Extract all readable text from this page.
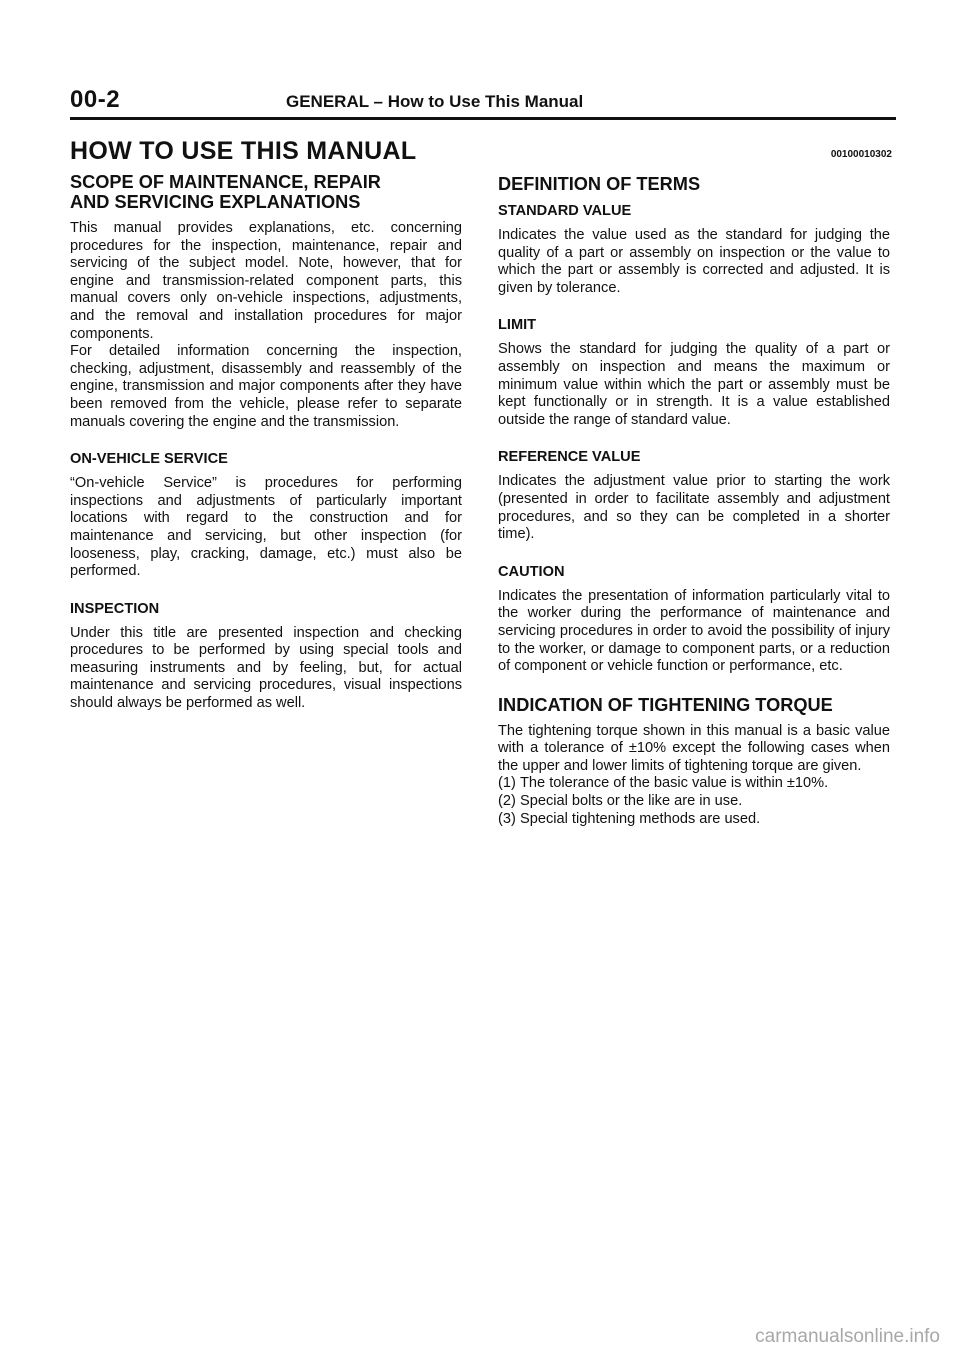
00-2	GENERAL – How to Use This Manual
HOW TO USE THIS MANUAL	00100010302
SCOPE OF MAINTENANCE, REPAIR
AND SERVICING EXPLANATIONS

This manual provides explanations, etc. concerning procedures for the inspection, maintenance, repair and servicing of the subject model. Note, however, that for engine and transmission-related component parts, this manual covers only on-vehicle inspections, adjustments, and the removal and installation procedures for major components.

For detailed information concerning the inspection, checking, adjustment, disassembly and reassembly of the engine, transmission and major components after they have been removed from the vehicle, please refer to separate manuals covering the engine and the transmission.

ON-VEHICLE SERVICE

“On-vehicle Service” is procedures for performing inspections and adjustments of particularly important locations with regard to the construction and for maintenance and servicing, but other inspection (for looseness, play, cracking, damage, etc.) must also be performed.

INSPECTION

Under this title are presented inspection and checking procedures to be performed by using special tools and measuring instruments and by feeling, but, for actual maintenance and servicing procedures, visual inspections should always be performed as well.

DEFINITION OF TERMS
STANDARD VALUE

Indicates the value used as the standard for judging the quality of a part or assembly on inspection or the value to which the part or assembly is corrected and adjusted. It is given by tolerance.

LIMIT

Shows the standard for judging the quality of a part or assembly on inspection and means the maximum or minimum value within which the part or assembly must be kept functionally or in strength. It is a value established outside the range of standard value.

REFERENCE VALUE

Indicates the adjustment value prior to starting the work (presented in order to facilitate assembly and adjustment procedures, and so they can be completed in a shorter time).

CAUTION

Indicates the presentation of information particularly vital to the worker during the performance of maintenance and servicing procedures in order to avoid the possibility of injury to the worker, or damage to component parts, or a reduction of component or vehicle function or performance, etc.

INDICATION OF TIGHTENING TORQUE

The tightening torque shown in this manual is a basic value with a tolerance of ±10% except the following cases when the upper and lower limits of tightening torque are given.

(1) The tolerance of the basic value is within ±10%.
(2) Special bolts or the like are in use.
(3) Special tightening methods are used.
carmanualsonline.info
